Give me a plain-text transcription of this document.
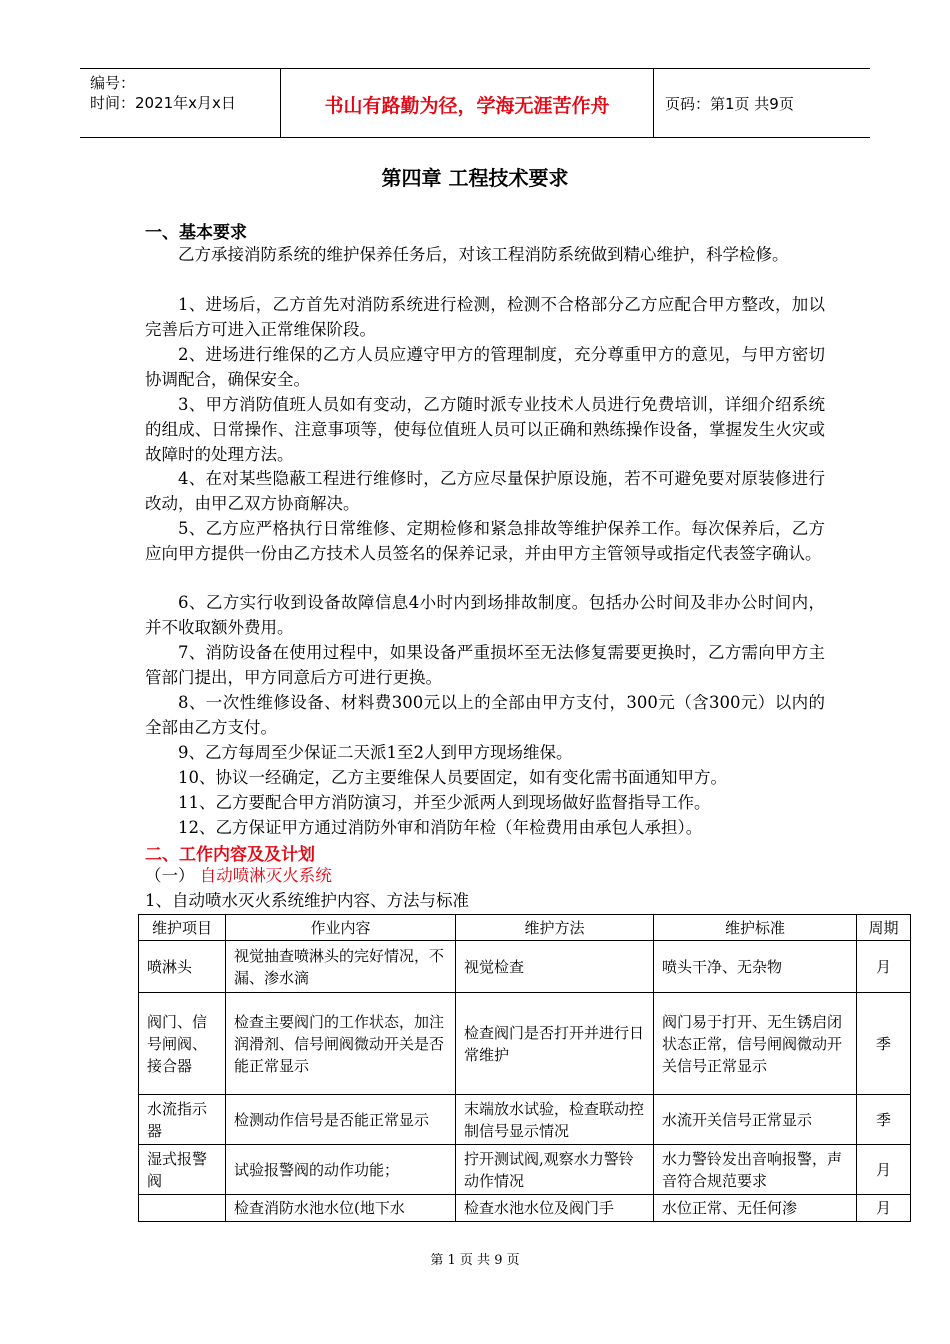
编号：
时间：2021年x月x日	书山有路勤为径，学海无涯苦作舟	页码：第1页 共9页
第四章 工程技术要求
一、基本要求
乙方承接消防系统的维护保养任务后，对该工程消防系统做到精心维护，科学检修。
1、进场后，乙方首先对消防系统进行检测，检测不合格部分乙方应配合甲方整改，加以完善后方可进入正常维保阶段。
2、进场进行维保的乙方人员应遵守甲方的管理制度，充分尊重甲方的意见，与甲方密切协调配合，确保安全。
3、甲方消防值班人员如有变动，乙方随时派专业技术人员进行免费培训，详细介绍系统的组成、日常操作、注意事项等，使每位值班人员可以正确和熟练操作设备，掌握发生火灾或故障时的处理方法。
4、在对某些隐蔽工程进行维修时，乙方应尽量保护原设施，若不可避免要对原装修进行改动，由甲乙双方协商解决。
5、乙方应严格执行日常维修、定期检修和紧急排故等维护保养工作。每次保养后，乙方应向甲方提供一份由乙方技术人员签名的保养记录，并由甲方主管领导或指定代表签字确认。
6、乙方实行收到设备故障信息4小时内到场排故制度。包括办公时间及非办公时间内，并不收取额外费用。
7、消防设备在使用过程中，如果设备严重损坏至无法修复需要更换时，乙方需向甲方主管部门提出，甲方同意后方可进行更换。
8、一次性维修设备、材料费300元以上的全部由甲方支付，300元（含300元）以内的全部由乙方支付。
9、乙方每周至少保证二天派1至2人到甲方现场维保。
10、协议一经确定，乙方主要维保人员要固定，如有变化需书面通知甲方。
11、乙方要配合甲方消防演习，并至少派两人到现场做好监督指导工作。
12、乙方保证甲方通过消防外审和消防年检（年检费用由承包人承担）。
二、工作内容及及计划
（一） 自动喷淋灭火系统
1、自动喷水灭火系统维护内容、方法与标准
维护项目	作业内容	维护方法	维护标准	周期
喷淋头	视觉抽查喷淋头的完好情况，不漏、渗水滴	视觉检查	喷头干净、无杂物	月
阀门、信号闸阀、接合器	检查主要阀门的工作状态，加注润滑剂、信号闸阀微动开关是否能正常显示	检查阀门是否打开并进行日常维护	阀门易于打开、无生锈启闭状态正常，信号闸阀微动开关信号正常显示	季
水流指示器	检测动作信号是否能正常显示	末端放水试验，检查联动控制信号显示情况	水流开关信号正常显示	季
湿式报警阀	试验报警阀的动作功能；	拧开测试阀,观察水力警铃动作情况	水力警铃发出音响报警，声音符合规范要求	月
	检查消防水池水位(地下水	检查水池水位及阀门手	水位正常、无任何渗	月
第 1 页 共 9 页
